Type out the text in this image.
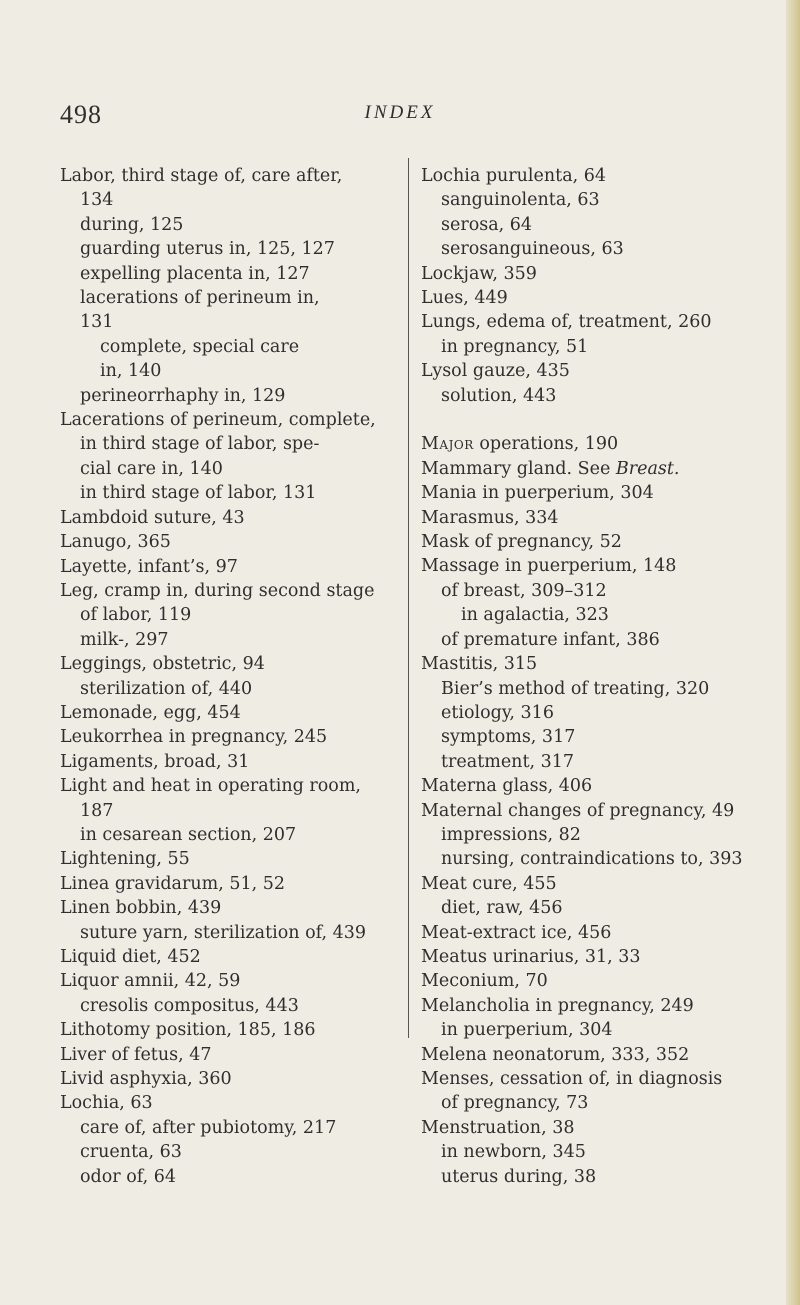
498	INDEX
Labor, third stage of, care after,
134
during, 125
guarding uterus in, 125, 127
expelling placenta in, 127
lacerations of perineum in,
131
complete, special care
in, 140
perineorrhaphy in, 129
Lacerations of perineum, complete,
in third stage of labor, spe-
cial care in, 140
in third stage of labor, 131
Lambdoid suture, 43
Lanugo, 365
Layette, infant’s, 97
Leg, cramp in, during second stage
of labor, 119
milk-, 297
Leggings, obstetric, 94
sterilization of, 440
Lemonade, egg, 454
Leukorrhea in pregnancy, 245
Ligaments, broad, 31
Light and heat in operating room,
187
in cesarean section, 207
Lightening, 55
Linea gravidarum, 51, 52
Linen bobbin, 439
suture yarn, sterilization of, 439
Liquid diet, 452
Liquor amnii, 42, 59
cresolis compositus, 443
Lithotomy position, 185, 186
Liver of fetus, 47
Livid asphyxia, 360
Lochia, 63
care of, after pubiotomy, 217
cruenta, 63
odor of, 64
Lochia purulenta, 64
sanguinolenta, 63
serosa, 64
serosanguineous, 63
Lockjaw, 359
Lues, 449
Lungs, edema of, treatment, 260
in pregnancy, 51
Lysol gauze, 435
solution, 443
Major operations, 190
Mammary gland. See Breast.
Mania in puerperium, 304
Marasmus, 334
Mask of pregnancy, 52
Massage in puerperium, 148
of breast, 309–312
in agalactia, 323
of premature infant, 386
Mastitis, 315
Bier’s method of treating, 320
etiology, 316
symptoms, 317
treatment, 317
Materna glass, 406
Maternal changes of pregnancy, 49
impressions, 82
nursing, contraindications to, 393
Meat cure, 455
diet, raw, 456
Meat-extract ice, 456
Meatus urinarius, 31, 33
Meconium, 70
Melancholia in pregnancy, 249
in puerperium, 304
Melena neonatorum, 333, 352
Menses, cessation of, in diagnosis
of pregnancy, 73
Menstruation, 38
in newborn, 345
uterus during, 38
